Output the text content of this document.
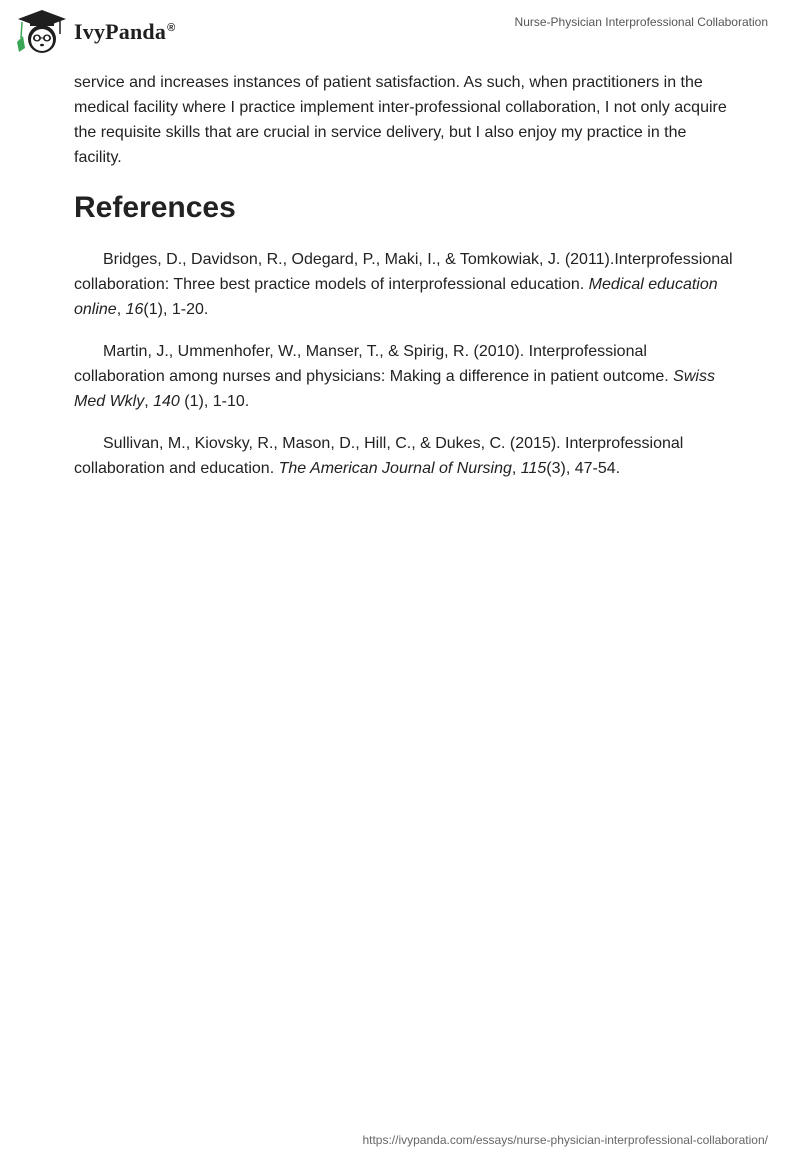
IvyPanda®	Nurse-Physician Interprofessional Collaboration

service and increases instances of patient satisfaction. As such, when practitioners in the medical facility where I practice implement inter-professional collaboration, I not only acquire the requisite skills that are crucial in service delivery, but I also enjoy my practice in the facility.

References

Bridges, D., Davidson, R., Odegard, P., Maki, I., & Tomkowiak, J. (2011).Interprofessional collaboration: Three best practice models of interprofessional education. Medical education online, 16(1), 1-20.

Martin, J., Ummenhofer, W., Manser, T., & Spirig, R. (2010). Interprofessional collaboration among nurses and physicians: Making a difference in patient outcome. Swiss Med Wkly, 140 (1), 1-10.

Sullivan, M., Kiovsky, R., Mason, D., Hill, C., & Dukes, C. (2015). Interprofessional collaboration and education. The American Journal of Nursing, 115(3), 47-54.

https://ivypanda.com/essays/nurse-physician-interprofessional-collaboration/
